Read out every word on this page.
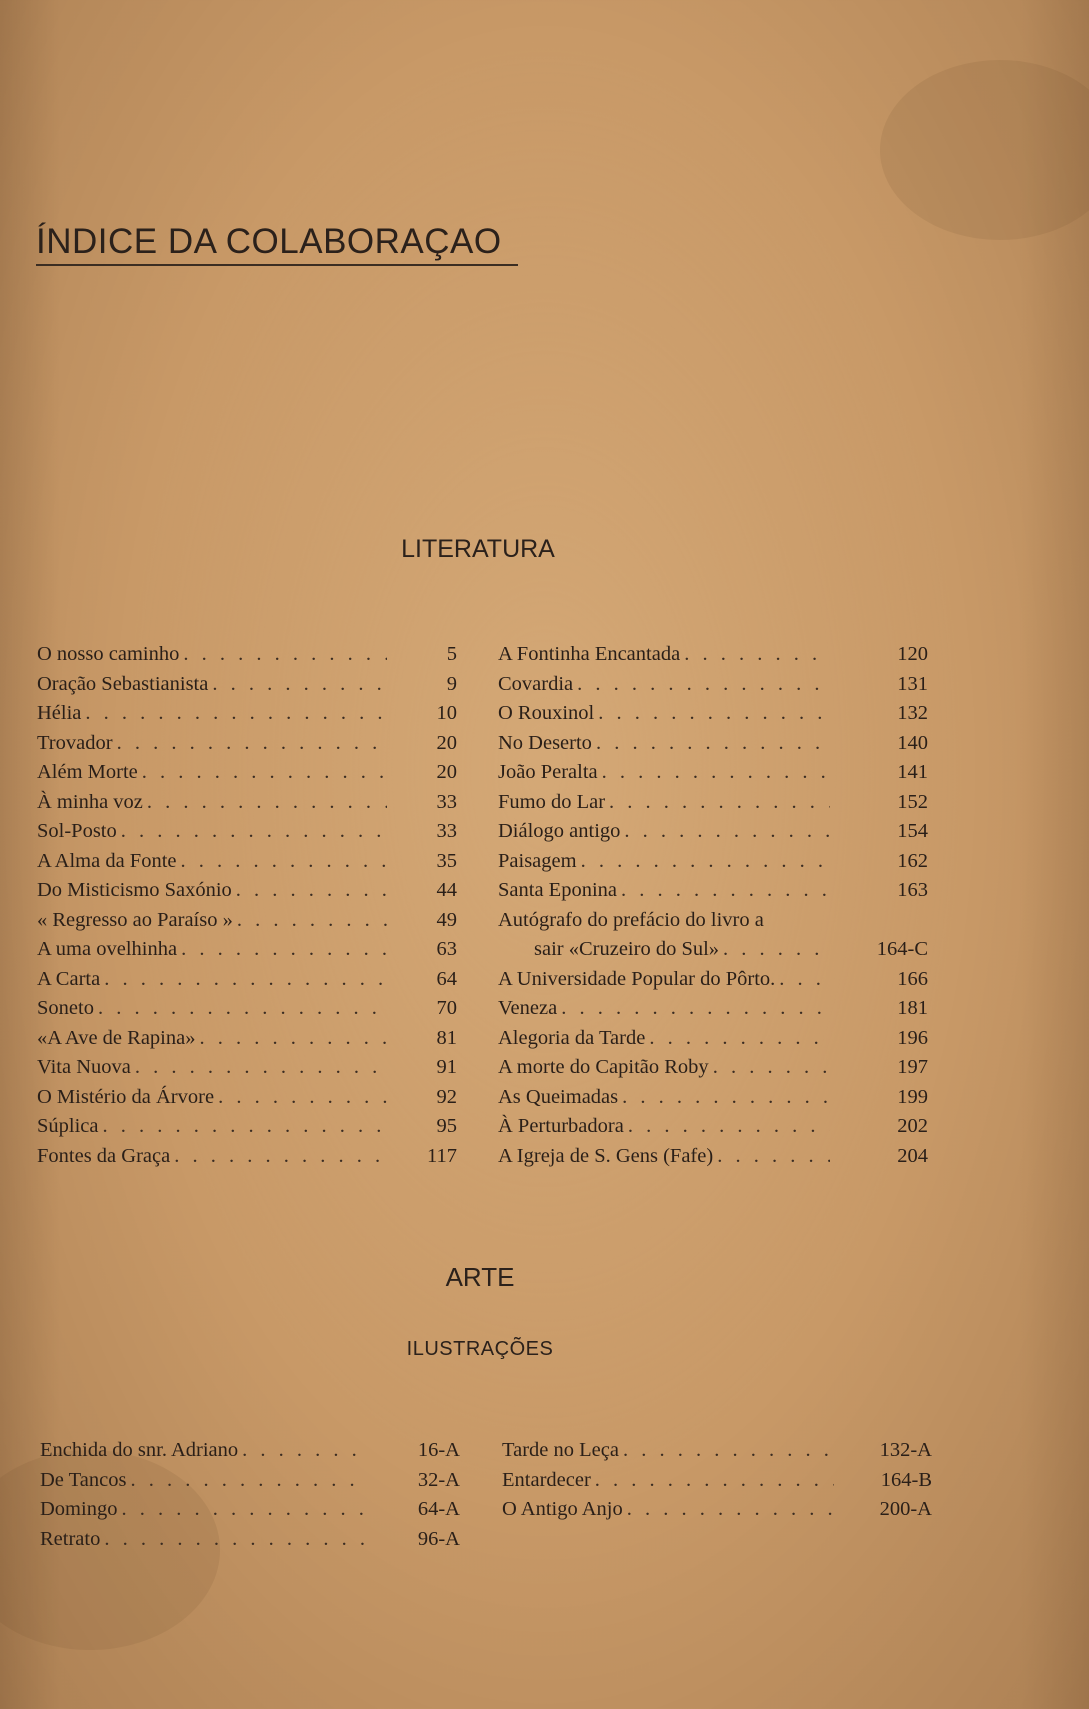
ÍNDICE DA COLABORAÇAO
LITERATURA
O nosso caminho . . .	5
Oração Sebastianista . . .	9
Hélia . . .	10
Trovador . . .	20
Além Morte . . .	20
À minha voz . . .	33
Sol-Posto . . .	33
A Alma da Fonte . . .	35
Do Misticismo Saxónio . . .	44
« Regresso ao Paraíso » . . .	49
A uma ovelhinha . . .	63
A Carta . . .	64
Soneto . . .	70
«A Ave de Rapina» . . .	81
Vita Nuova . . .	91
O Mistério da Árvore . . .	92
Súplica . . .	95
Fontes da Graça . . .	117
A Fontinha Encantada . . .	120
Covardia . . .	131
O Rouxinol . . .	132
No Deserto . . .	140
João Peralta . . .	141
Fumo do Lar . . .	152
Diálogo antigo . . .	154
Paisagem . . .	162
Santa Eponina . . .	163
Autógrafo do prefácio do livro a
sair «Cruzeiro do Sul» . . .	164-C
A Universidade Popular do Pôrto. . . .	166
Veneza . . .	181
Alegoria da Tarde . . .	196
A morte do Capitão Roby . . .	197
As Queimadas . . .	199
À Perturbadora . . .	202
A Igreja de S. Gens (Fafe) . . .	204
ARTE
ILUSTRAÇÕES
Enchida do snr. Adriano . . .	16-A
De Tancos . . .	32-A
Domingo . . .	64-A
Retrato . . .	96-A
Tarde no Leça . . .	132-A
Entardecer . . .	164-B
O Antigo Anjo . . .	200-A
